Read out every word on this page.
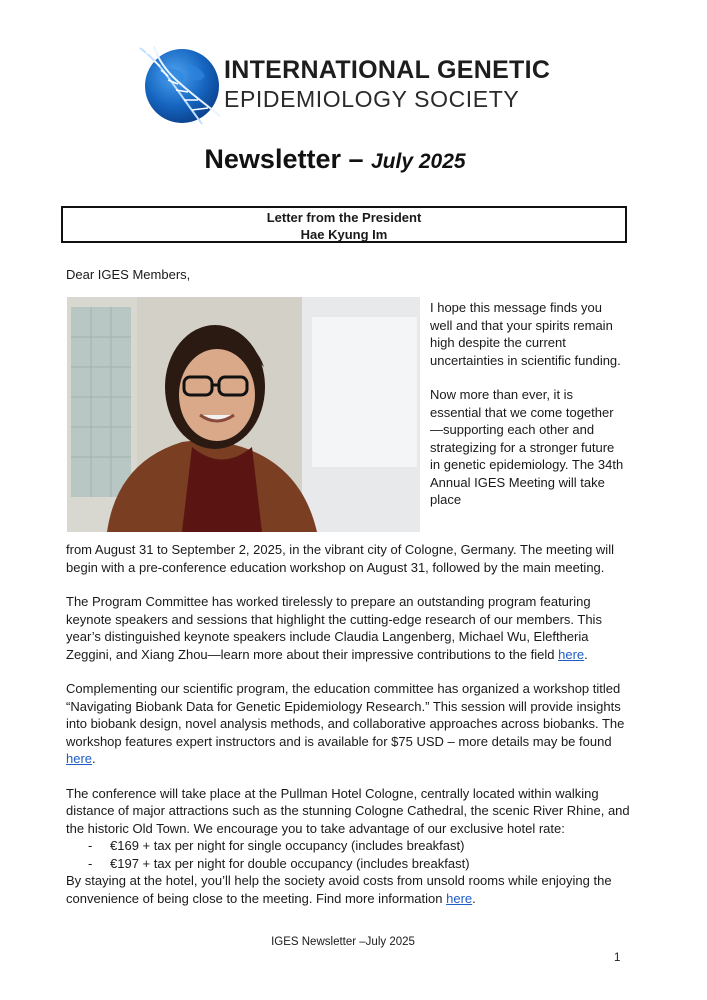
INTERNATIONAL GENETIC
EPIDEMIOLOGY SOCIETY
Newsletter – July 2025
Letter from the President
Hae Kyung Im
Dear IGES Members,

I hope this message finds you well and that your spirits remain high despite the current uncertainties in scientific funding.

Now more than ever, it is essential that we come together—supporting each other and strategizing for a stronger future in genetic epidemiology. The 34th Annual IGES Meeting will take place

from August 31 to September 2, 2025, in the vibrant city of Cologne, Germany. The meeting will begin with a pre-conference education workshop on August 31, followed by the main meeting.

The Program Committee has worked tirelessly to prepare an outstanding program featuring keynote speakers and sessions that highlight the cutting-edge research of our members. This year’s distinguished keynote speakers include Claudia Langenberg, Michael Wu, Eleftheria Zeggini, and Xiang Zhou—learn more about their impressive contributions to the field here.

Complementing our scientific program, the education committee has organized a workshop titled “Navigating Biobank Data for Genetic Epidemiology Research.” This session will provide insights into biobank design, novel analysis methods, and collaborative approaches across biobanks. The workshop features expert instructors and is available for $75 USD – more details may be found here.

The conference will take place at the Pullman Hotel Cologne, centrally located within walking distance of major attractions such as the stunning Cologne Cathedral, the scenic River Rhine, and the historic Old Town. We encourage you to take advantage of our exclusive hotel rate:
- €169 + tax per night for single occupancy (includes breakfast)
- €197 + tax per night for double occupancy (includes breakfast)
By staying at the hotel, you’ll help the society avoid costs from unsold rooms while enjoying the convenience of being close to the meeting. Find more information here.
IGES Newsletter –July 2025
1
